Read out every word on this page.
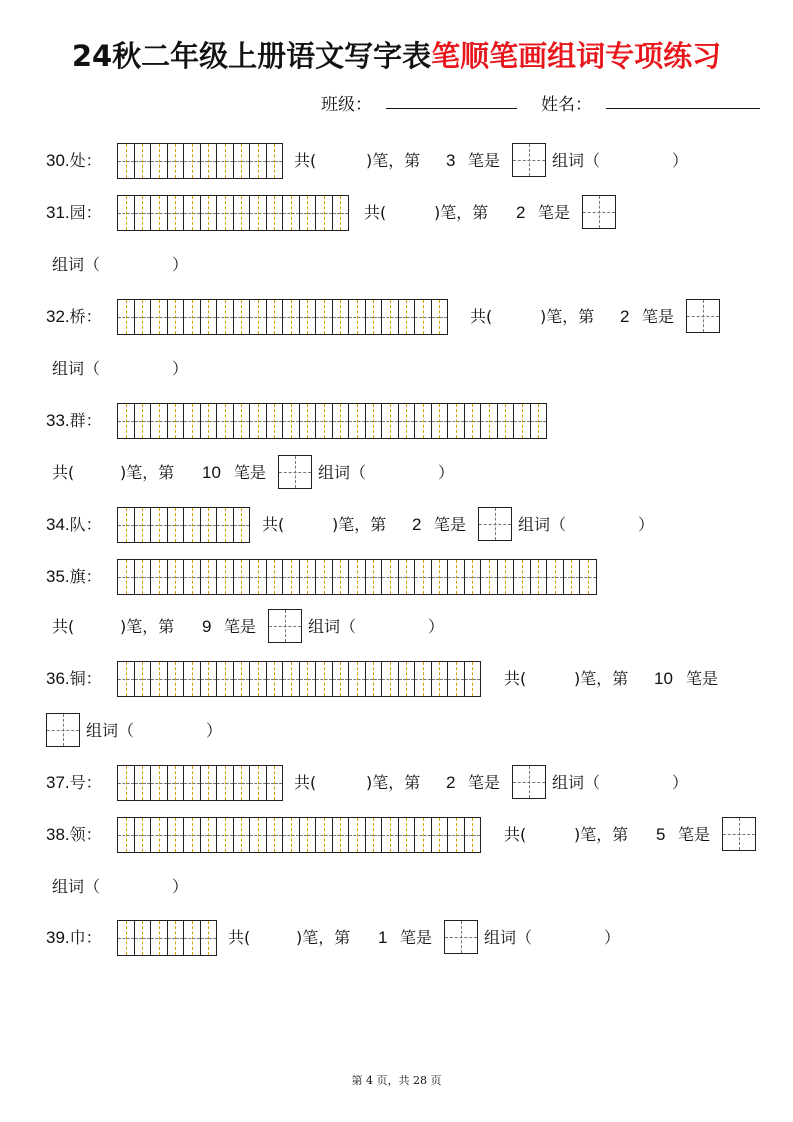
24秋二年级上册语文写字表笔顺笔画组词专项练习
班级：	姓名：
30.处：	共(	)笔，第 3 笔是	组词（	）
31.园：	共(	)笔，第 2 笔是
组词（	）
32.桥：	共(	)笔，第 2 笔是
组词（	）
33.群：
共(	)笔，第 10 笔是	组词（	）
34.队：	共(	)笔，第 2 笔是	组词（	）
35.旗：
共(	)笔，第 9 笔是	组词（	）
36.铜：	共(	)笔，第 10 笔是
组词（	）
37.号：	共(	)笔，第 2 笔是	组词（	）
38.领：	共(	)笔，第 5 笔是
组词（	）
39.巾：	共(	)笔，第 1 笔是	组词（	）
第 4 页，共 28 页
